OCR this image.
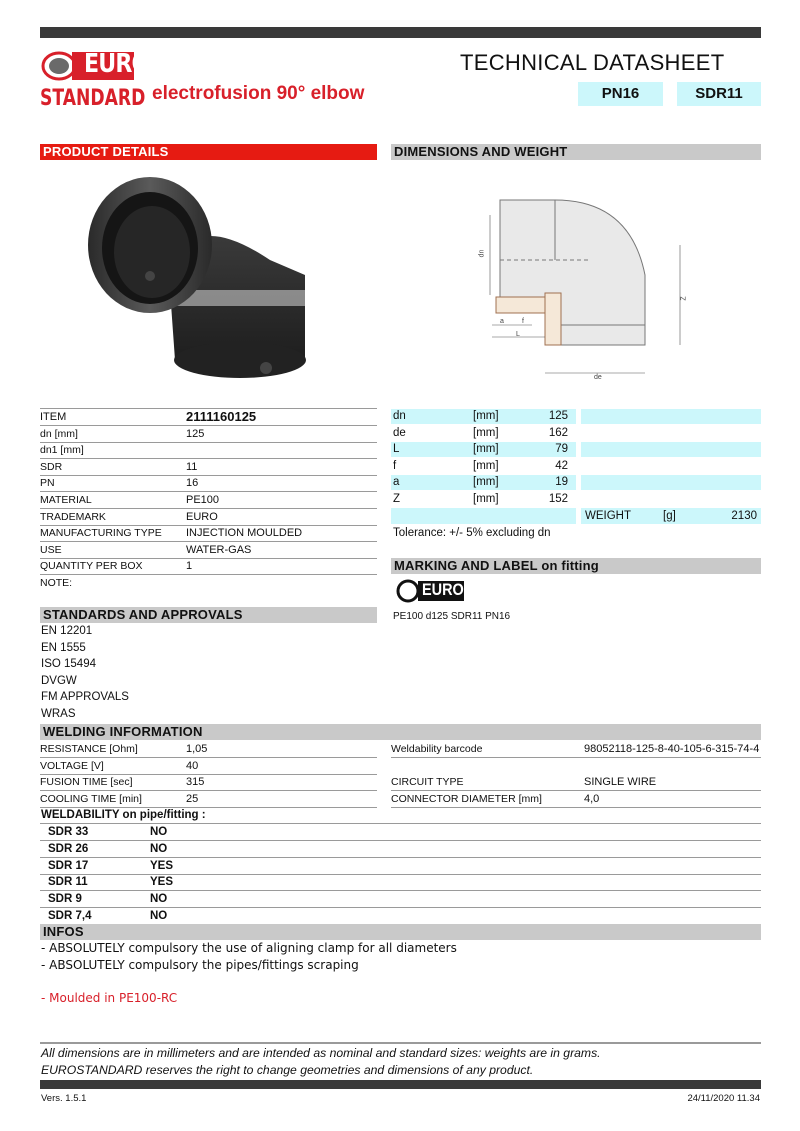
EURO
STANDARD electrofusion 90° elbow
TECHNICAL DATASHEET
PN16	SDR11
PRODUCT DETAILS	DIMENSIONS AND WEIGHT
dn
a	f
L
Z
de
ITEM	2111160125
dn [mm]	125
dn1 [mm]
SDR	11
PN	16
MATERIAL	PE100
TRADEMARK	EURO
MANUFACTURING TYPE INJECTION MOULDED
USE	WATER-GAS
QUANTITY PER BOX	1
NOTE:
dn	[mm]	125
de	[mm]	162
L	[mm]	79
f	[mm]	42
a	[mm]	19
Z	[mm]	152
WEIGHT	[g]	2130
Tolerance: +/- 5% excluding dn
MARKING AND LABEL on fitting
EURO
PE100 d125 SDR11 PN16
STANDARDS AND APPROVALS
EN 12201
EN 1555
ISO 15494
DVGW
FM APPROVALS
WRAS
WELDING INFORMATION
RESISTANCE [Ohm]	1,05
VOLTAGE [V]	40
FUSION TIME [sec]	315
COOLING TIME [min]	25
Weldability barcode	98052118-125-8-40-105-6-315-74-4
CIRCUIT TYPE	SINGLE WIRE
CONNECTOR DIAMETER [mm]	4,0
WELDABILITY on pipe/fitting :
SDR 33	NO
SDR 26	NO
SDR 17	YES
SDR 11	YES
SDR 9	NO
SDR 7,4	NO
INFOS
- ABSOLUTELY compulsory the use of aligning clamp for all diameters
- ABSOLUTELY compulsory the pipes/fittings scraping
- Moulded in PE100-RC
All dimensions are in millimeters and are intended as nominal and standard sizes: weights are in grams.
EUROSTANDARD reserves the right to change geometries and dimensions of any product.
Vers. 1.5.1	24/11/2020 11.34
